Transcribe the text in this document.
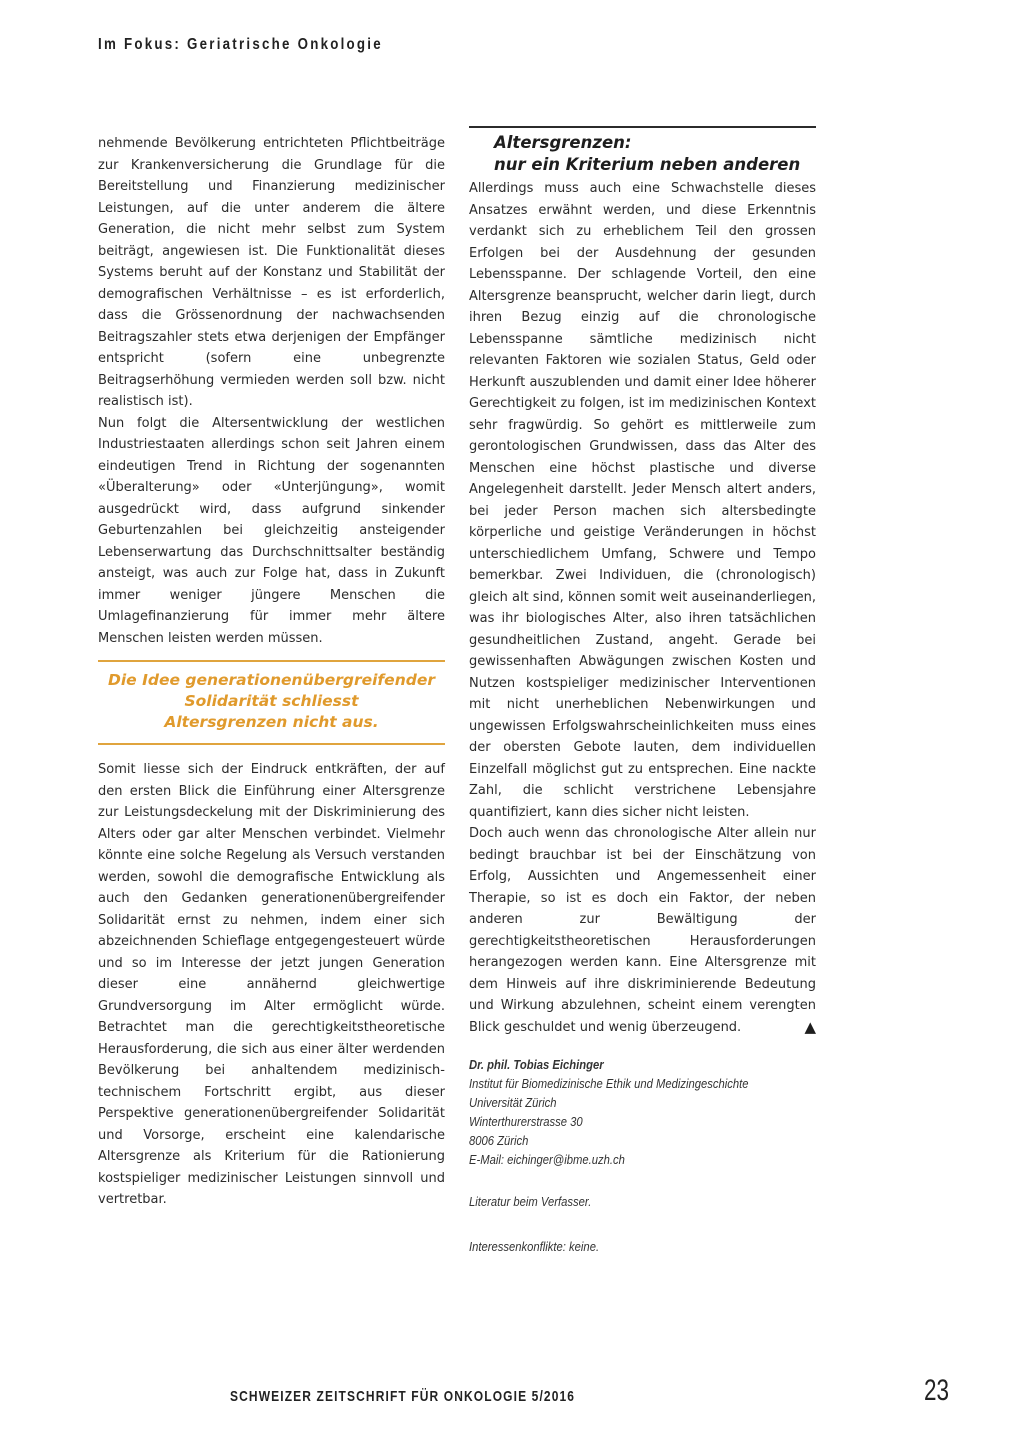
Im Fokus: Geriatrische Onkologie

nehmende Bevölkerung entrichteten Pflichtbeiträge zur Krankenversicherung die Grundlage für die Bereitstellung und Finanzierung medizinischer Leistungen, auf die unter anderem die ältere Generation, die nicht mehr selbst zum System beiträgt, angewiesen ist. Die Funktionalität dieses Systems beruht auf der Konstanz und Stabilität der demografischen Verhältnisse – es ist erforderlich, dass die Grössenordnung der nachwachsenden Beitragszahler stets etwa derjenigen der Empfänger entspricht (sofern eine unbegrenzte Beitragserhöhung vermieden werden soll bzw. nicht realistisch ist).

Nun folgt die Altersentwicklung der westlichen Industriestaaten allerdings schon seit Jahren einem eindeutigen Trend in Richtung der sogenannten «Überalterung» oder «Unterjüngung», womit ausgedrückt wird, dass aufgrund sinkender Geburtenzahlen bei gleichzeitig ansteigender Lebenserwartung das Durchschnittsalter beständig ansteigt, was auch zur Folge hat, dass in Zukunft immer weniger jüngere Menschen die Umlagefinanzierung für immer mehr ältere Menschen leisten werden müssen.

Die Idee generationenübergreifender
Solidarität schliesst
Altersgrenzen nicht aus.

Somit liesse sich der Eindruck entkräften, der auf den ersten Blick die Einführung einer Altersgrenze zur Leistungsdeckelung mit der Diskriminierung des Alters oder gar alter Menschen verbindet. Vielmehr könnte eine solche Regelung als Versuch verstanden werden, sowohl die demografische Entwicklung als auch den Gedanken generationenübergreifender Solidarität ernst zu nehmen, indem einer sich abzeichnenden Schieflage entgegengesteuert würde und so im Interesse der jetzt jungen Generation dieser eine annähernd gleichwertige Grundversorgung im Alter ermöglicht würde. Betrachtet man die gerechtigkeitstheoretische Herausforderung, die sich aus einer älter werdenden Bevölkerung bei anhaltendem medizinisch-technischem Fortschritt ergibt, aus dieser Perspektive generationenübergreifender Solidarität und Vorsorge, erscheint eine kalendarische Altersgrenze als Kriterium für die Rationierung kostspieliger medizinischer Leistungen sinnvoll und vertretbar.

Altersgrenzen:
nur ein Kriterium neben anderen

Allerdings muss auch eine Schwachstelle dieses Ansatzes erwähnt werden, und diese Erkenntnis verdankt sich zu erheblichem Teil den grossen Erfolgen bei der Ausdehnung der gesunden Lebensspanne. Der schlagende Vorteil, den eine Altersgrenze beansprucht, welcher darin liegt, durch ihren Bezug einzig auf die chronologische Lebensspanne sämtliche medizinisch nicht relevanten Faktoren wie sozialen Status, Geld oder Herkunft auszublenden und damit einer Idee höherer Gerechtigkeit zu folgen, ist im medizinischen Kontext sehr fragwürdig. So gehört es mittlerweile zum gerontologischen Grundwissen, dass das Alter des Menschen eine höchst plastische und diverse Angelegenheit darstellt. Jeder Mensch altert anders, bei jeder Person machen sich altersbedingte körperliche und geistige Veränderungen in höchst unterschiedlichem Umfang, Schwere und Tempo bemerkbar. Zwei Individuen, die (chronologisch) gleich alt sind, können somit weit auseinanderliegen, was ihr biologisches Alter, also ihren tatsächlichen gesundheitlichen Zustand, angeht. Gerade bei gewissenhaften Abwägungen zwischen Kosten und Nutzen kostspieliger medizinischer Interventionen mit nicht unerheblichen Nebenwirkungen und ungewissen Erfolgswahrscheinlichkeiten muss eines der obersten Gebote lauten, dem individuellen Einzelfall möglichst gut zu entsprechen. Eine nackte Zahl, die schlicht verstrichene Lebensjahre quantifiziert, kann dies sicher nicht leisten.

Doch auch wenn das chronologische Alter allein nur bedingt brauchbar ist bei der Einschätzung von Erfolg, Aussichten und Angemessenheit einer Therapie, so ist es doch ein Faktor, der neben anderen zur Bewältigung der gerechtigkeitstheoretischen Herausforderungen herangezogen werden kann. Eine Altersgrenze mit dem Hinweis auf ihre diskriminierende Bedeutung und Wirkung abzulehnen, scheint einem verengten Blick geschuldet und wenig überzeugend.	▲

Dr. phil. Tobias Eichinger
Institut für Biomedizinische Ethik und Medizingeschichte
Universität Zürich
Winterthurerstrasse 30
8006 Zürich
E-Mail: eichinger@ibme.uzh.ch
Literatur beim Verfasser.
Interessenkonflikte: keine.
SCHWEIZER ZEITSCHRIFT FÜR ONKOLOGIE 5/2016	23
